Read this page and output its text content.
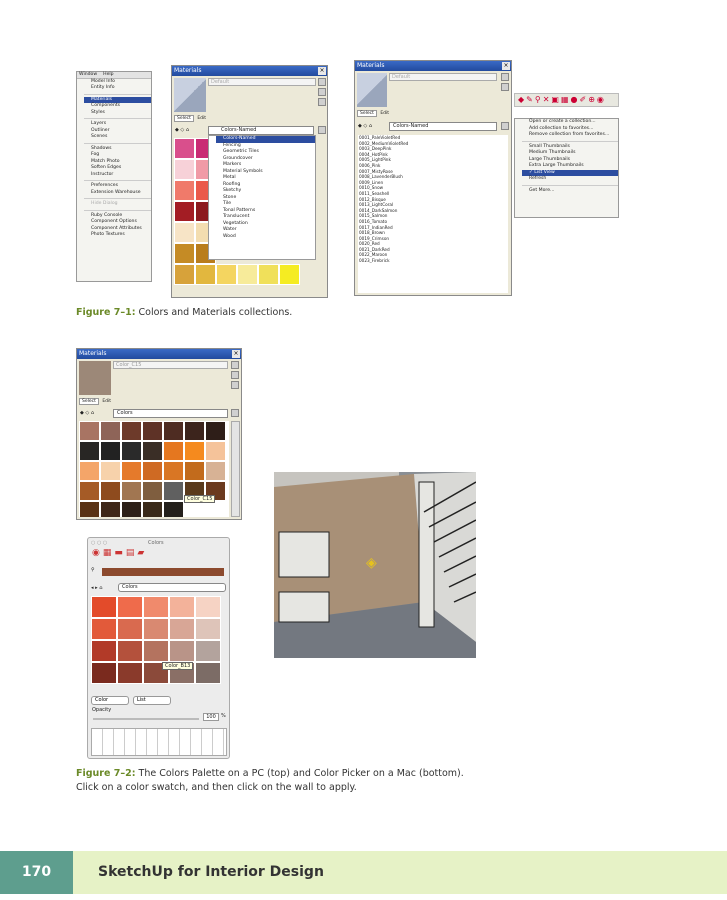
Window Help
Model Info
Entity Info
Materials
Components
Styles
Layers
Outliner
Scenes
Shadows
Fog
Match Photo
Soften Edges
Instructor
Preferences
Extension Warehouse
Hide Dialog
Ruby Console
Component Options
Component Attributes
Photo Textures
Materials	×
Default
Select Edit
◆ ◇ ⌂	Colors-Named
Colors-Named
Fencing
Geometric Tiles
Groundcover
Markers
Material Symbols
Metal
Roofing
Sketchy
Stone
Tile
Tonal Patterns
Translucent
Vegetation
Water
Wood
Materials	×
Default
Select Edit
◆ ◇ ⌂	Colors-Named
0001_PaleVioletRed
0002_MediumVioletRed
0003_DeepPink
0004_HotPink
0005_LightPink
0006_Pink
0007_MistyRose
0008_LavenderBlush
0009_Linen
0010_Snow
0011_Seashell
0012_Bisque
0013_LightCoral
0014_DarkSalmon
0015_Salmon
0016_Tomato
0017_IndianRed
0018_Brown
0019_Crimson
0020_Red
0021_DarkRed
0022_Maroon
0023_Firebrick
◆✎⚲✕▣▦●✐⊕◉
Open or create a collection...
Add collection to favorites...
Remove collection from favorites...
Small Thumbnails
Medium Thumbnails
Large Thumbnails
Extra Large Thumbnails
✓ List View
Refresh
Get More...
Figure 7–1: Colors and Materials collections.
Materials	×
Color_C15
Select Edit
◆ ◇ ⌂	Colors
Color_C15
○ ○ ○	Colors
◉▦▬▤▰
⚲
◂ ▸ ⌂	Colors
Color_B13
Color	List
Opacity
100	%
◈
Figure 7–2: The Colors Palette on a PC (top) and Color Picker on a Mac (bottom).
Click on a color swatch, and then click on the wall to apply.
170	SketchUp for Interior Design
